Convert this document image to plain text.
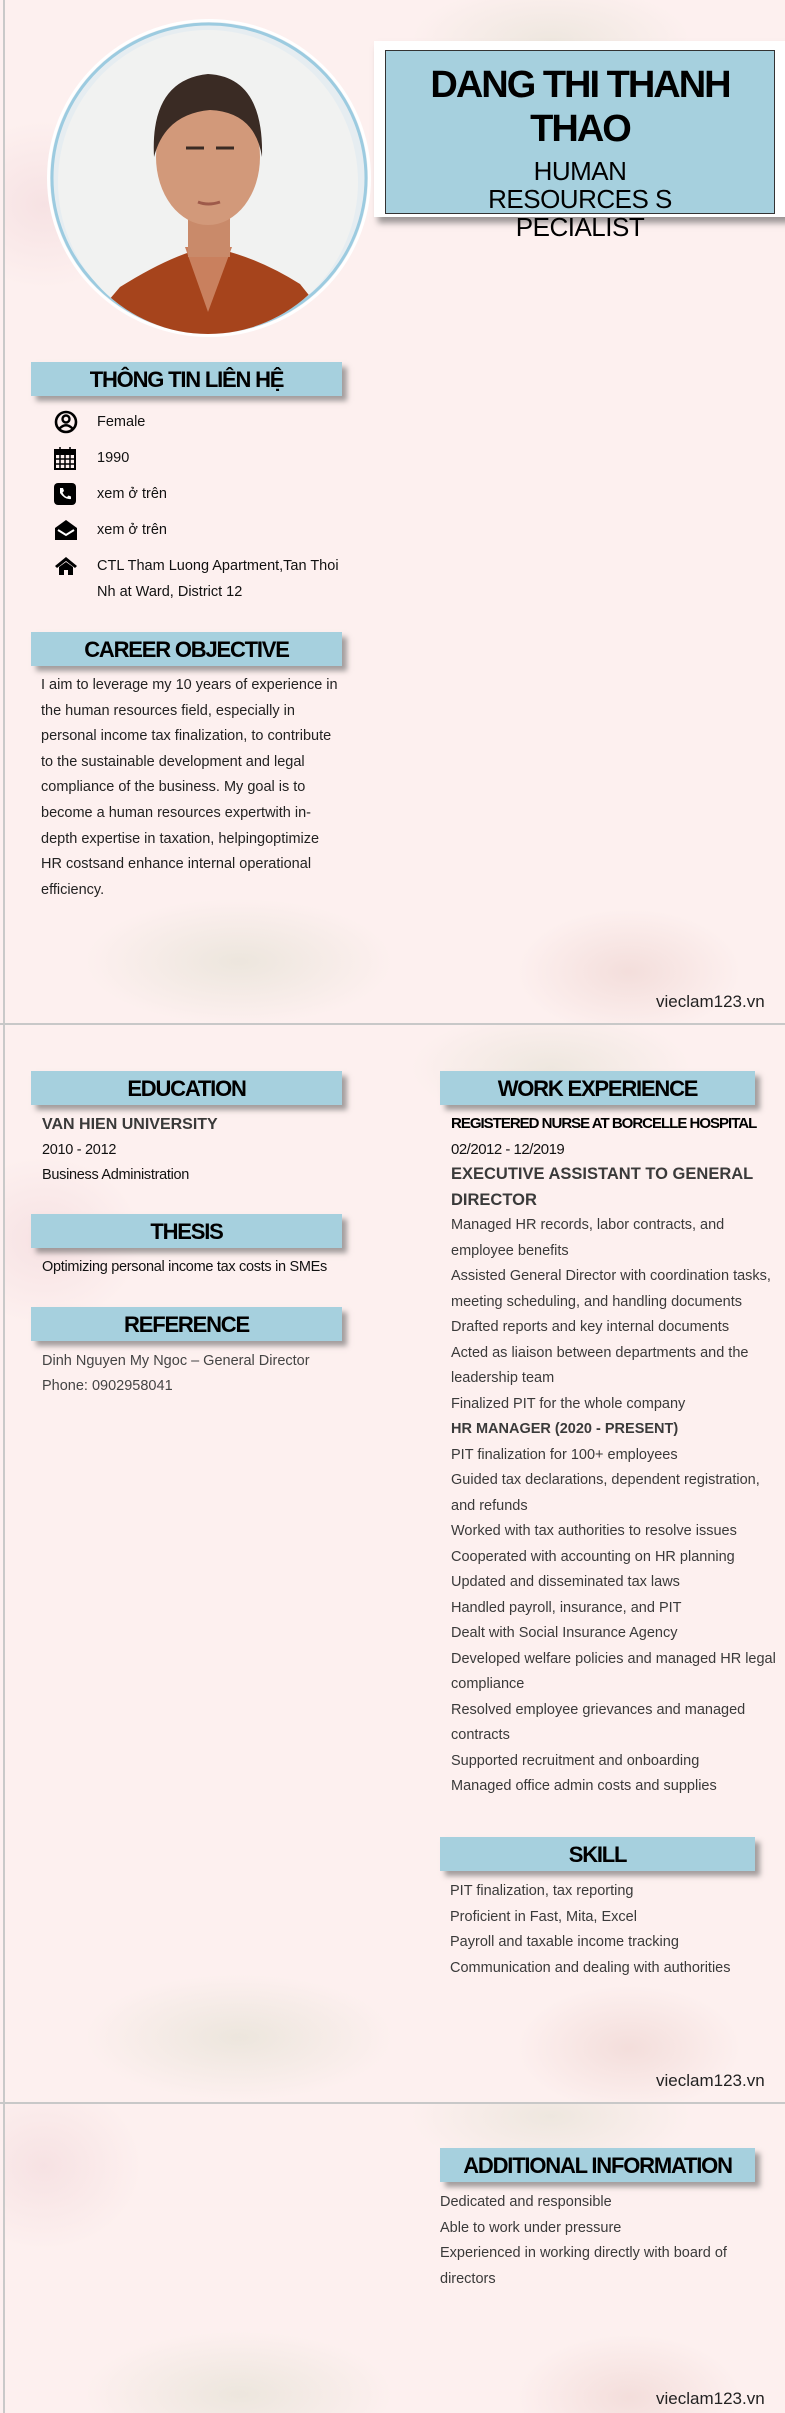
DANG THI THANH THAO
HUMAN
RESOURCES S
PECIALIST
THÔNG TIN LIÊN HỆ
Female
1990
xem ở trên
xem ở trên
CTL Tham Luong Apartment,Tan Thoi Nh at Ward, District 12
CAREER OBJECTIVE
I aim to leverage my 10 years of experience in the human resources field, especially in personal income tax finalization, to contribute to the sustainable development and legal compliance of the business. My goal is to become a human resources expertwith in-depth expertise in taxation, helpingoptimize HR costsand enhance internal operational efficiency.
vieclam123.vn
EDUCATION
VAN HIEN UNIVERSITY
2010 - 2012
Business Administration
THESIS
Optimizing personal income tax costs in SMEs
REFERENCE
Dinh Nguyen My Ngoc – General Director
Phone: 0902958041
WORK EXPERIENCE
REGISTERED NURSE AT BORCELLE HOSPITAL
02/2012 - 12/2019
EXECUTIVE ASSISTANT TO GENERAL DIRECTOR
Managed HR records, labor contracts, and employee benefits
Assisted General Director with coordination tasks, meeting scheduling, and handling documents
Drafted reports and key internal documents
Acted as liaison between departments and the leadership team
Finalized PIT for the whole company
HR MANAGER (2020 - PRESENT)
PIT finalization for 100+ employees
Guided tax declarations, dependent registration, and refunds
Worked with tax authorities to resolve issues
Cooperated with accounting on HR planning
Updated and disseminated tax laws
Handled payroll, insurance, and PIT
Dealt with Social Insurance Agency
Developed welfare policies and managed HR legal compliance
Resolved employee grievances and managed contracts
Supported recruitment and onboarding
Managed office admin costs and supplies
SKILL
PIT finalization, tax reporting
Proficient in Fast, Mita, Excel
Payroll and taxable income tracking
Communication and dealing with authorities
vieclam123.vn
ADDITIONAL INFORMATION
Dedicated and responsible
Able to work under pressure
Experienced in working directly with board of directors
vieclam123.vn
